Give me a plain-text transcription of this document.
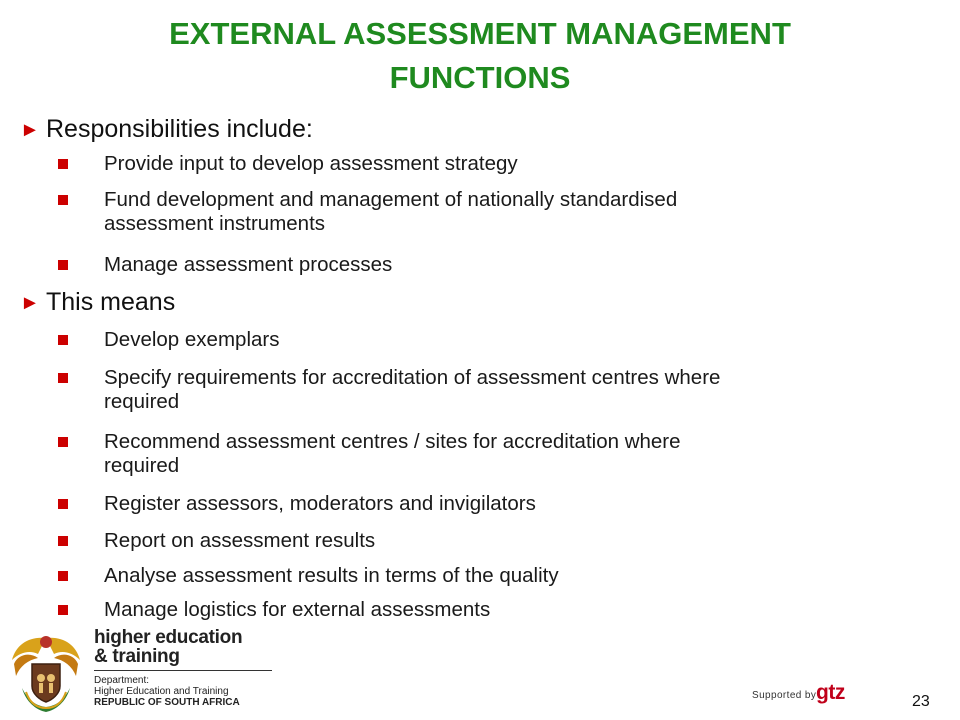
EXTERNAL ASSESSMENT MANAGEMENT
FUNCTIONS
► Responsibilities include:
Provide input to develop assessment strategy
Fund development and management of nationally standardised
assessment instruments
Manage assessment processes
► This means
Develop exemplars
Specify requirements for accreditation of assessment centres where
required
Recommend assessment centres / sites for accreditation where
required
Register assessors, moderators and invigilators
Report on assessment results
Analyse assessment results in terms of the quality
Manage logistics for external assessments
higher education
& training
Department:
Higher Education and Training
REPUBLIC OF SOUTH AFRICA
Supported by gtz	23
